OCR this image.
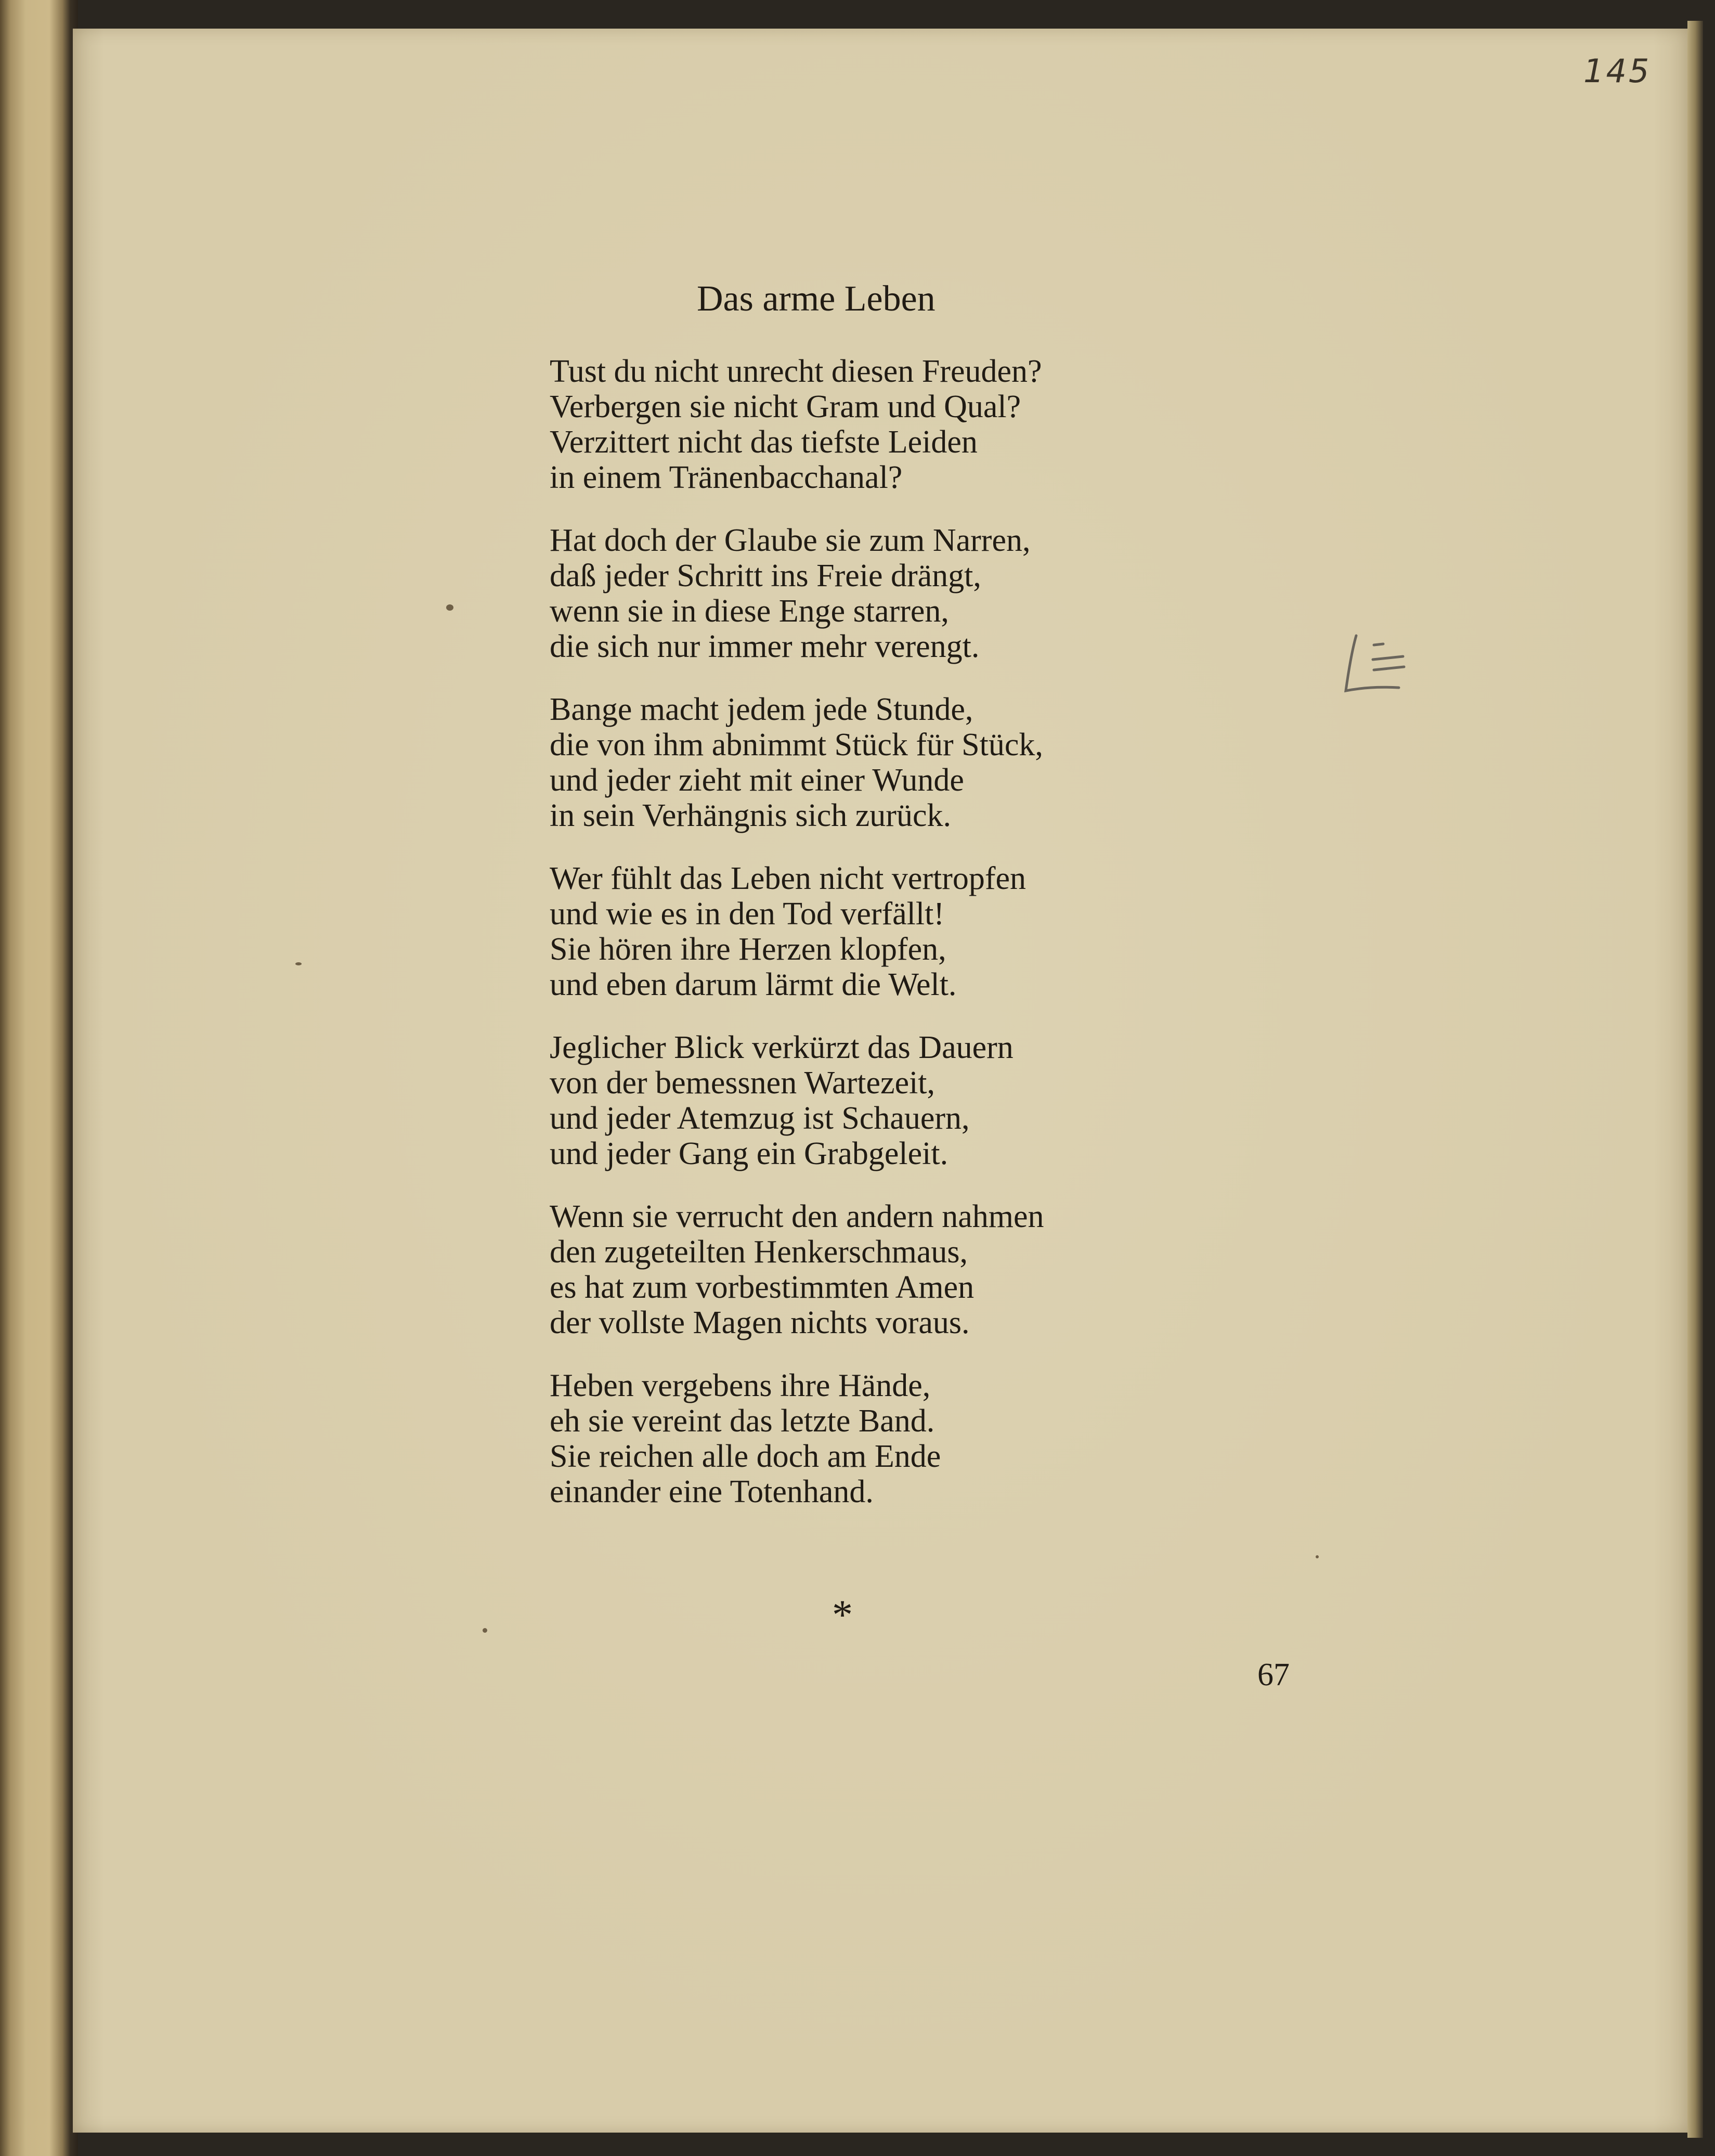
145
Das arme Leben
Tust du nicht unrecht diesen Freuden?
Verbergen sie nicht Gram und Qual?
Verzittert nicht das tiefste Leiden
in einem Tränenbacchanal?
Hat doch der Glaube sie zum Narren,
daß jeder Schritt ins Freie drängt,
wenn sie in diese Enge starren,
die sich nur immer mehr verengt.
Bange macht jedem jede Stunde,
die von ihm abnimmt Stück für Stück,
und jeder zieht mit einer Wunde
in sein Verhängnis sich zurück.
Wer fühlt das Leben nicht vertropfen
und wie es in den Tod verfällt!
Sie hören ihre Herzen klopfen,
und eben darum lärmt die Welt.
Jeglicher Blick verkürzt das Dauern
von der bemessnen Wartezeit,
und jeder Atemzug ist Schauern,
und jeder Gang ein Grabgeleit.
Wenn sie verrucht den andern nahmen
den zugeteilten Henkerschmaus,
es hat zum vorbestimmten Amen
der vollste Magen nichts voraus.
Heben vergebens ihre Hände,
eh sie vereint das letzte Band.
Sie reichen alle doch am Ende
einander eine Totenhand.
*
67
